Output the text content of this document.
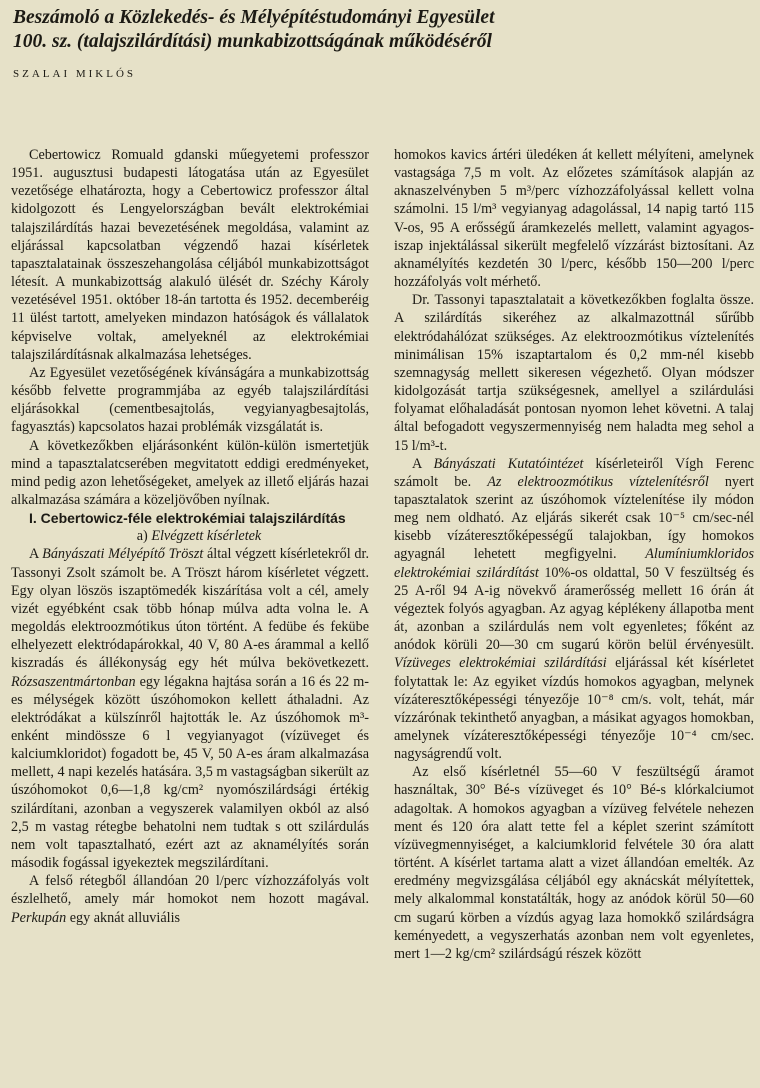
Beszámoló a Közlekedés- és Mélyépítéstudományi Egyesület
100. sz. (talajszilárdítási) munkabizottságának működéséről
SZALAI MIKLÓS

Cebertowicz Romuald gdanski műegyetemi professzor 1951. augusztusi budapesti látogatása után az Egyesület vezetősége elhatározta, hogy a Cebertowicz professzor által kidolgozott és Lengyelországban bevált elektrokémiai talajszilárdítás hazai bevezetésének megoldása, valamint az eljárással kapcsolatban végzendő hazai kísérletek tapasztalatainak összeszehangolása céljából munkabizottságot létesít. A munkabizottság alakuló ülését dr. Széchy Károly vezetésével 1951. október 18-án tartotta és 1952. decemberéig 11 ülést tartott, amelyeken mindazon hatóságok és vállalatok képviselve voltak, amelyeknél az elektrokémiai talajszilárdításnak alkalmazása lehetséges.

Az Egyesület vezetőségének kívánságára a munkabizottság később felvette programmjába az egyéb talajszilárdítási eljárásokkal (cementbesajtolás, vegyianyagbesajtolás, fagyasztás) kapcsolatos hazai problémák vizsgálatát is.

A következőkben eljárásonként külön-külön ismertetjük mind a tapasztalatcserében megvitatott eddigi eredményeket, mind pedig azon lehetőségeket, amelyek az illető eljárás hazai alkalmazása számára a közeljövőben nyílnak.

I. Cebertowicz-féle elektrokémiai talajszilárdítás

a) Elvégzett kísérletek

A Bányászati Mélyépítő Tröszt által végzett kísérletekről dr. Tassonyi Zsolt számolt be. A Tröszt három kísérletet végzett. Egy olyan löszös iszaptömedék kiszárítása volt a cél, amely vizét egyébként csak több hónap múlva adta volna le. A megoldás elektroozmótikus úton történt. A fedübe és fekübe elhelyezett elektródapárokkal, 40 V, 80 A-es árammal a kellő kiszradás és állékonyság egy hét múlva bekövetkezett. Rózsaszentmártonban egy légakna hajtása során a 16 és 22 m-es mélységek között úszóhomokon kellett áthaladni. Az elektródákat a külszínről hajtották le. Az úszóhomok m³-enként mindössze 6 l vegyianyagot (vízüveget és kalciumkloridot) fogadott be, 45 V, 50 A-es áram alkalmazása mellett, 4 napi kezelés hatására. 3,5 m vastagságban sikerült az úszóhomokot 0,6—1,8 kg/cm² nyomószilárdsági értékig szilárdítani, azonban a vegyszerek valamilyen okból az alsó 2,5 m vastag rétegbe behatolni nem tudtak s ott szilárdulás nem volt tapasztalható, ezért azt az aknamélyítés során második fogással igyekeztek megszilárdítani.

A felső rétegből állandóan 20 l/perc vízhozzáfolyás volt észlelhető, amely már homokot nem hozott magával. Perkupán egy aknát alluviális

homokos kavics ártéri üledéken át kellett mélyíteni, amelynek vastagsága 7,5 m volt. Az előzetes számítások alapján az aknaszelvényben 5 m³/perc vízhozzáfolyással kellett volna számolni. 15 l/m³ vegyianyag adagolással, 14 napig tartó 115 V-os, 95 A erősségű áramkezelés mellett, valamint agyagos-iszap injektálással sikerült megfelelő vízzárást biztosítani. Az aknamélyítés kezdetén 30 l/perc, később 150—200 l/perc hozzáfolyás volt mérhető.

Dr. Tassonyi tapasztalatait a következőkben foglalta össze. A szilárdítás sikeréhez az alkalmazottnál sűrűbb elektródahálózat szükséges. Az elektroozmótikus víztelenítés minimálisan 15% iszaptartalom és 0,2 mm-nél kisebb szemnagyság mellett sikeresen végezhető. Olyan módszer kidolgozását tartja szükségesnek, amellyel a szilárdulási folyamat előhaladását pontosan nyomon lehet követni. A talaj által befogadott vegyszermennyiség nem haladta meg sehol a 15 l/m³-t.

A Bányászati Kutatóintézet kísérleteiről Vígh Ferenc számolt be. Az elektroozmótikus víztelenítésről nyert tapasztalatok szerint az úszóhomok víztelenítése ily módon meg nem oldható. Az eljárás sikerét csak 10⁻⁵ cm/sec-nél kisebb vízáteresztőképességű talajokban, így homokos agyagnál lehetett megfigyelni. Alumíniumkloridos elektrokémiai szilárdítást 10%-os oldattal, 50 V feszültség és 25 A-ről 94 A-ig növekvő áramerősség mellett 16 órán át végeztek folyós agyagban. Az agyag képlékeny állapotba ment át, azonban a szilárdulás nem volt egyenletes; főként az anódok körüli 20—30 cm sugarú körön belül érvényesült. Vízüveges elektrokémiai szilárdítási eljárással két kísérletet folytattak le: Az egyiket vízdús homokos agyagban, melynek vízáteresztőképességi tényezője 10⁻⁸ cm/s. volt, tehát, már vízzárónak tekinthető anyagban, a másikat agyagos homokban, amelynek vízáteresztőképességi tényezője 10⁻⁴ cm/sec. nagyságrendű volt.

Az első kísérletnél 55—60 V feszültségű áramot használtak, 30° Bé-s vízüveget és 10° Bé-s klórkalciumot adagoltak. A homokos agyagban a vízüveg felvétele nehezen ment és 120 óra alatt tette fel a képlet szerint számított vízüvegmennyiséget, a kalciumklorid felvétele 30 óra alatt történt. A kísérlet tartama alatt a vizet állandóan emelték. Az eredmény megvizsgálása céljából egy aknácskát mélyítettek, mely alkalommal konstatálták, hogy az anódok körül 50—60 cm sugarú körben a vízdús agyag laza homokkő szilárdságra keményedett, a vegyszerhatás azonban nem volt egyenletes, mert 1—2 kg/cm² szilárdságú részek között
